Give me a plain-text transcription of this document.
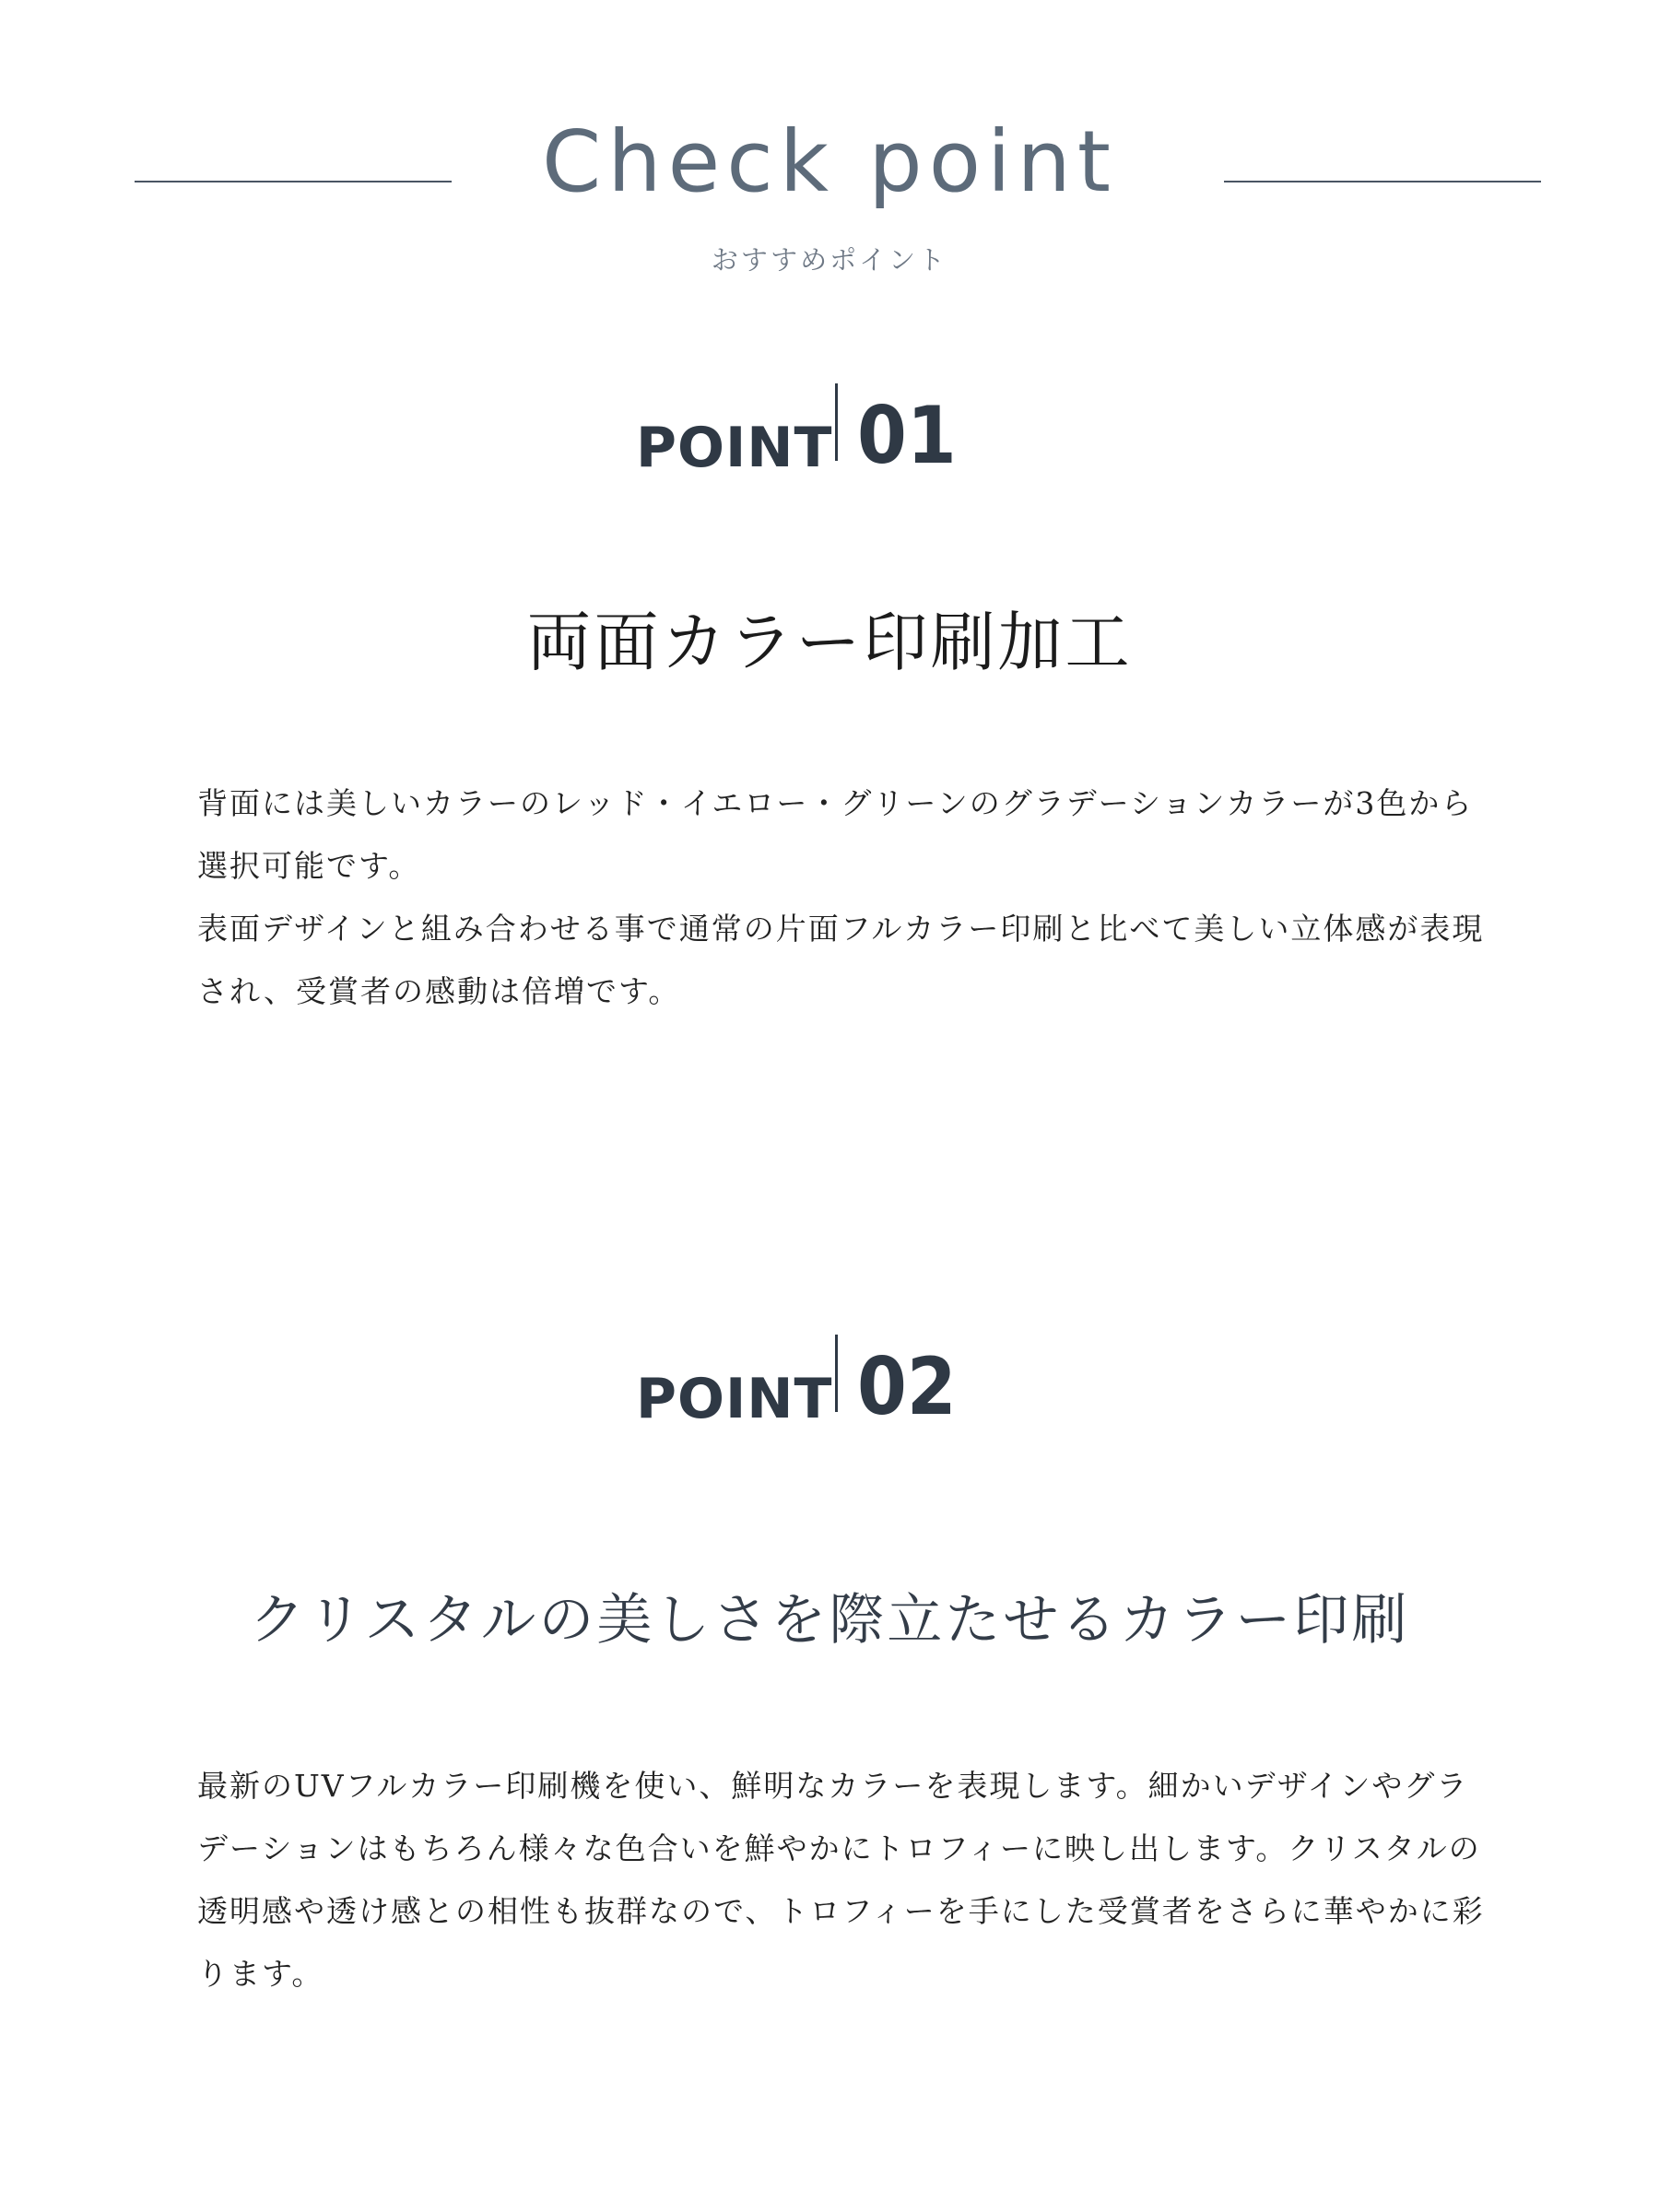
Check point
おすすめポイント
POINT 01
両面カラー印刷加工

背面には美しいカラーのレッド・イエロー・グリーンのグラデーションカラーが3色から選択可能です。

表面デザインと組み合わせる事で通常の片面フルカラー印刷と比べて美しい立体感が表現され、受賞者の感動は倍増です。

POINT 02
クリスタルの美しさを際立たせるカラー印刷

最新のUVフルカラー印刷機を使い、鮮明なカラーを表現します。細かいデザインやグラデーションはもちろん様々な色合いを鮮やかにトロフィーに映し出します。クリスタルの透明感や透け感との相性も抜群なので、トロフィーを手にした受賞者をさらに華やかに彩ります。
